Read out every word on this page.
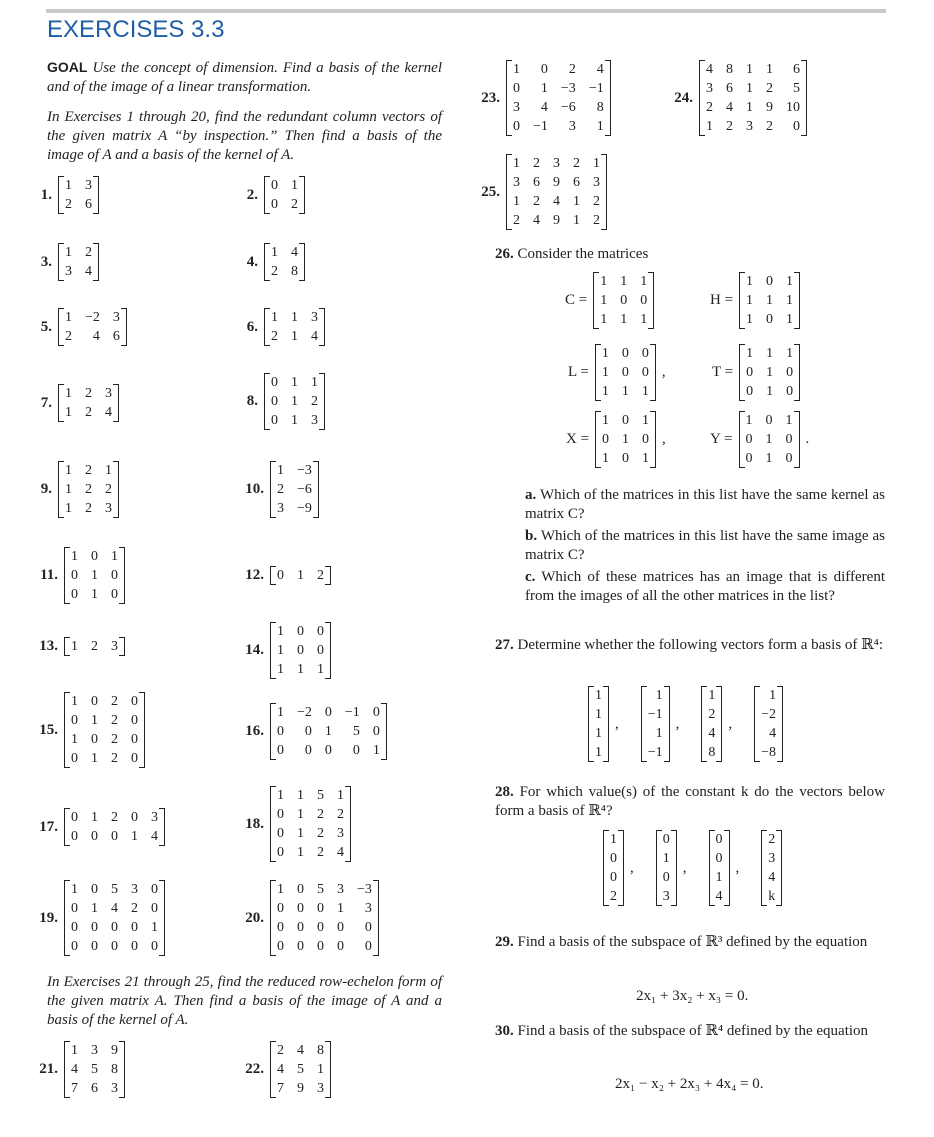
EXERCISES 3.3
GOAL Use the concept of dimension. Find a basis of the kernel and of the image of a linear transformation.
In Exercises 1 through 20, find the redundant column vectors of the given matrix A “by inspection.” Then find a basis of the image of A and a basis of the kernel of A.
1.
1 3
2 6
2.
0 1
0 2
3.
1 2
3 4
4.
1 4
2 8
5.
1 −2 3
2	4 6
6.
1 1 3
2 1 4
7.
1 2 3
1 2 4
8.
0 1 1
0 1 2
0 1 3
9.
1 2 1
1 2 2
1 2 3
10.
1 −3
2 −6
3 −9
11.
1 0 1
0 1 0
0 1 0
12. 0 1 2
13. 1 2 3	14.
1 0 0
1 0 0
1 1 1
15.
1 0 2 0
0 1 2 0
1 0 2 0
0 1 2 0
16.
1 −2 0 −1 0
0	0 1	5 0
0	0 0	0 1
17.
0 1 2 0 3
0 0 0 1 4
18.
1 1 5 1
0 1 2 2
0 1 2 3
0 1 2 4
19.
1 0 5 3 0
0 1 4 2 0
0 0 0 0 1
0 0 0 0 0
20.
1 0 5 3 −3
0 0 0 1	3
0 0 0 0	0
0 0 0 0	0
In Exercises 21 through 25, find the reduced row-echelon form of the given matrix A. Then find a basis of the image of A and a basis of the kernel of A.
21.
1 3 9
4 5 8
7 6 3
22.
2 4 8
4 5 1
7 9 3
23.
1	0	2	4
0	1 −3 −1
3	4 −6	8
0 −1	3	1
24.
4 8 1 1	6
3 6 1 2	5
2 4 1 9 10
1 2 3 2	0
25.
1 2 3 2 1
3 6 9 6 3
1 2 4 1 2
2 4 9 1 2
26. Consider the matrices
C =
1 1 1
1 0 0
1 1 1
H =
1 0 1
1 1 1
1 0 1
L =
1 0 0
1 0 0
1 1 1
,	T =
1 1 1
0 1 0
0 1 0
X =
1 0 1
0 1 0
1 0 1
,	Y =
1 0 1
0 1 0
0 1 0
.
a. Which of the matrices in this list have the same kernel as matrix C?
b. Which of the matrices in this list have the same image as matrix C?
c. Which of these matrices has an image that is different from the images of all the other matrices in the list?
27. Determine whether the following vectors form a basis of ℝ⁴:
1
1
1
1
,
1
−1
1
−1
,
1
2
4
8
,
1
−2
4
−8
28. For which value(s) of the constant k do the vectors below form a basis of ℝ⁴?
1
0
0
2
,
0
1
0
3
,
0
0
1
4
,
2
3
4
k
29. Find a basis of the subspace of ℝ³ defined by the equation
2x₁ + 3x₂ + x₃ = 0.
30. Find a basis of the subspace of ℝ⁴ defined by the equation
2x₁ − x₂ + 2x₃ + 4x₄ = 0.
